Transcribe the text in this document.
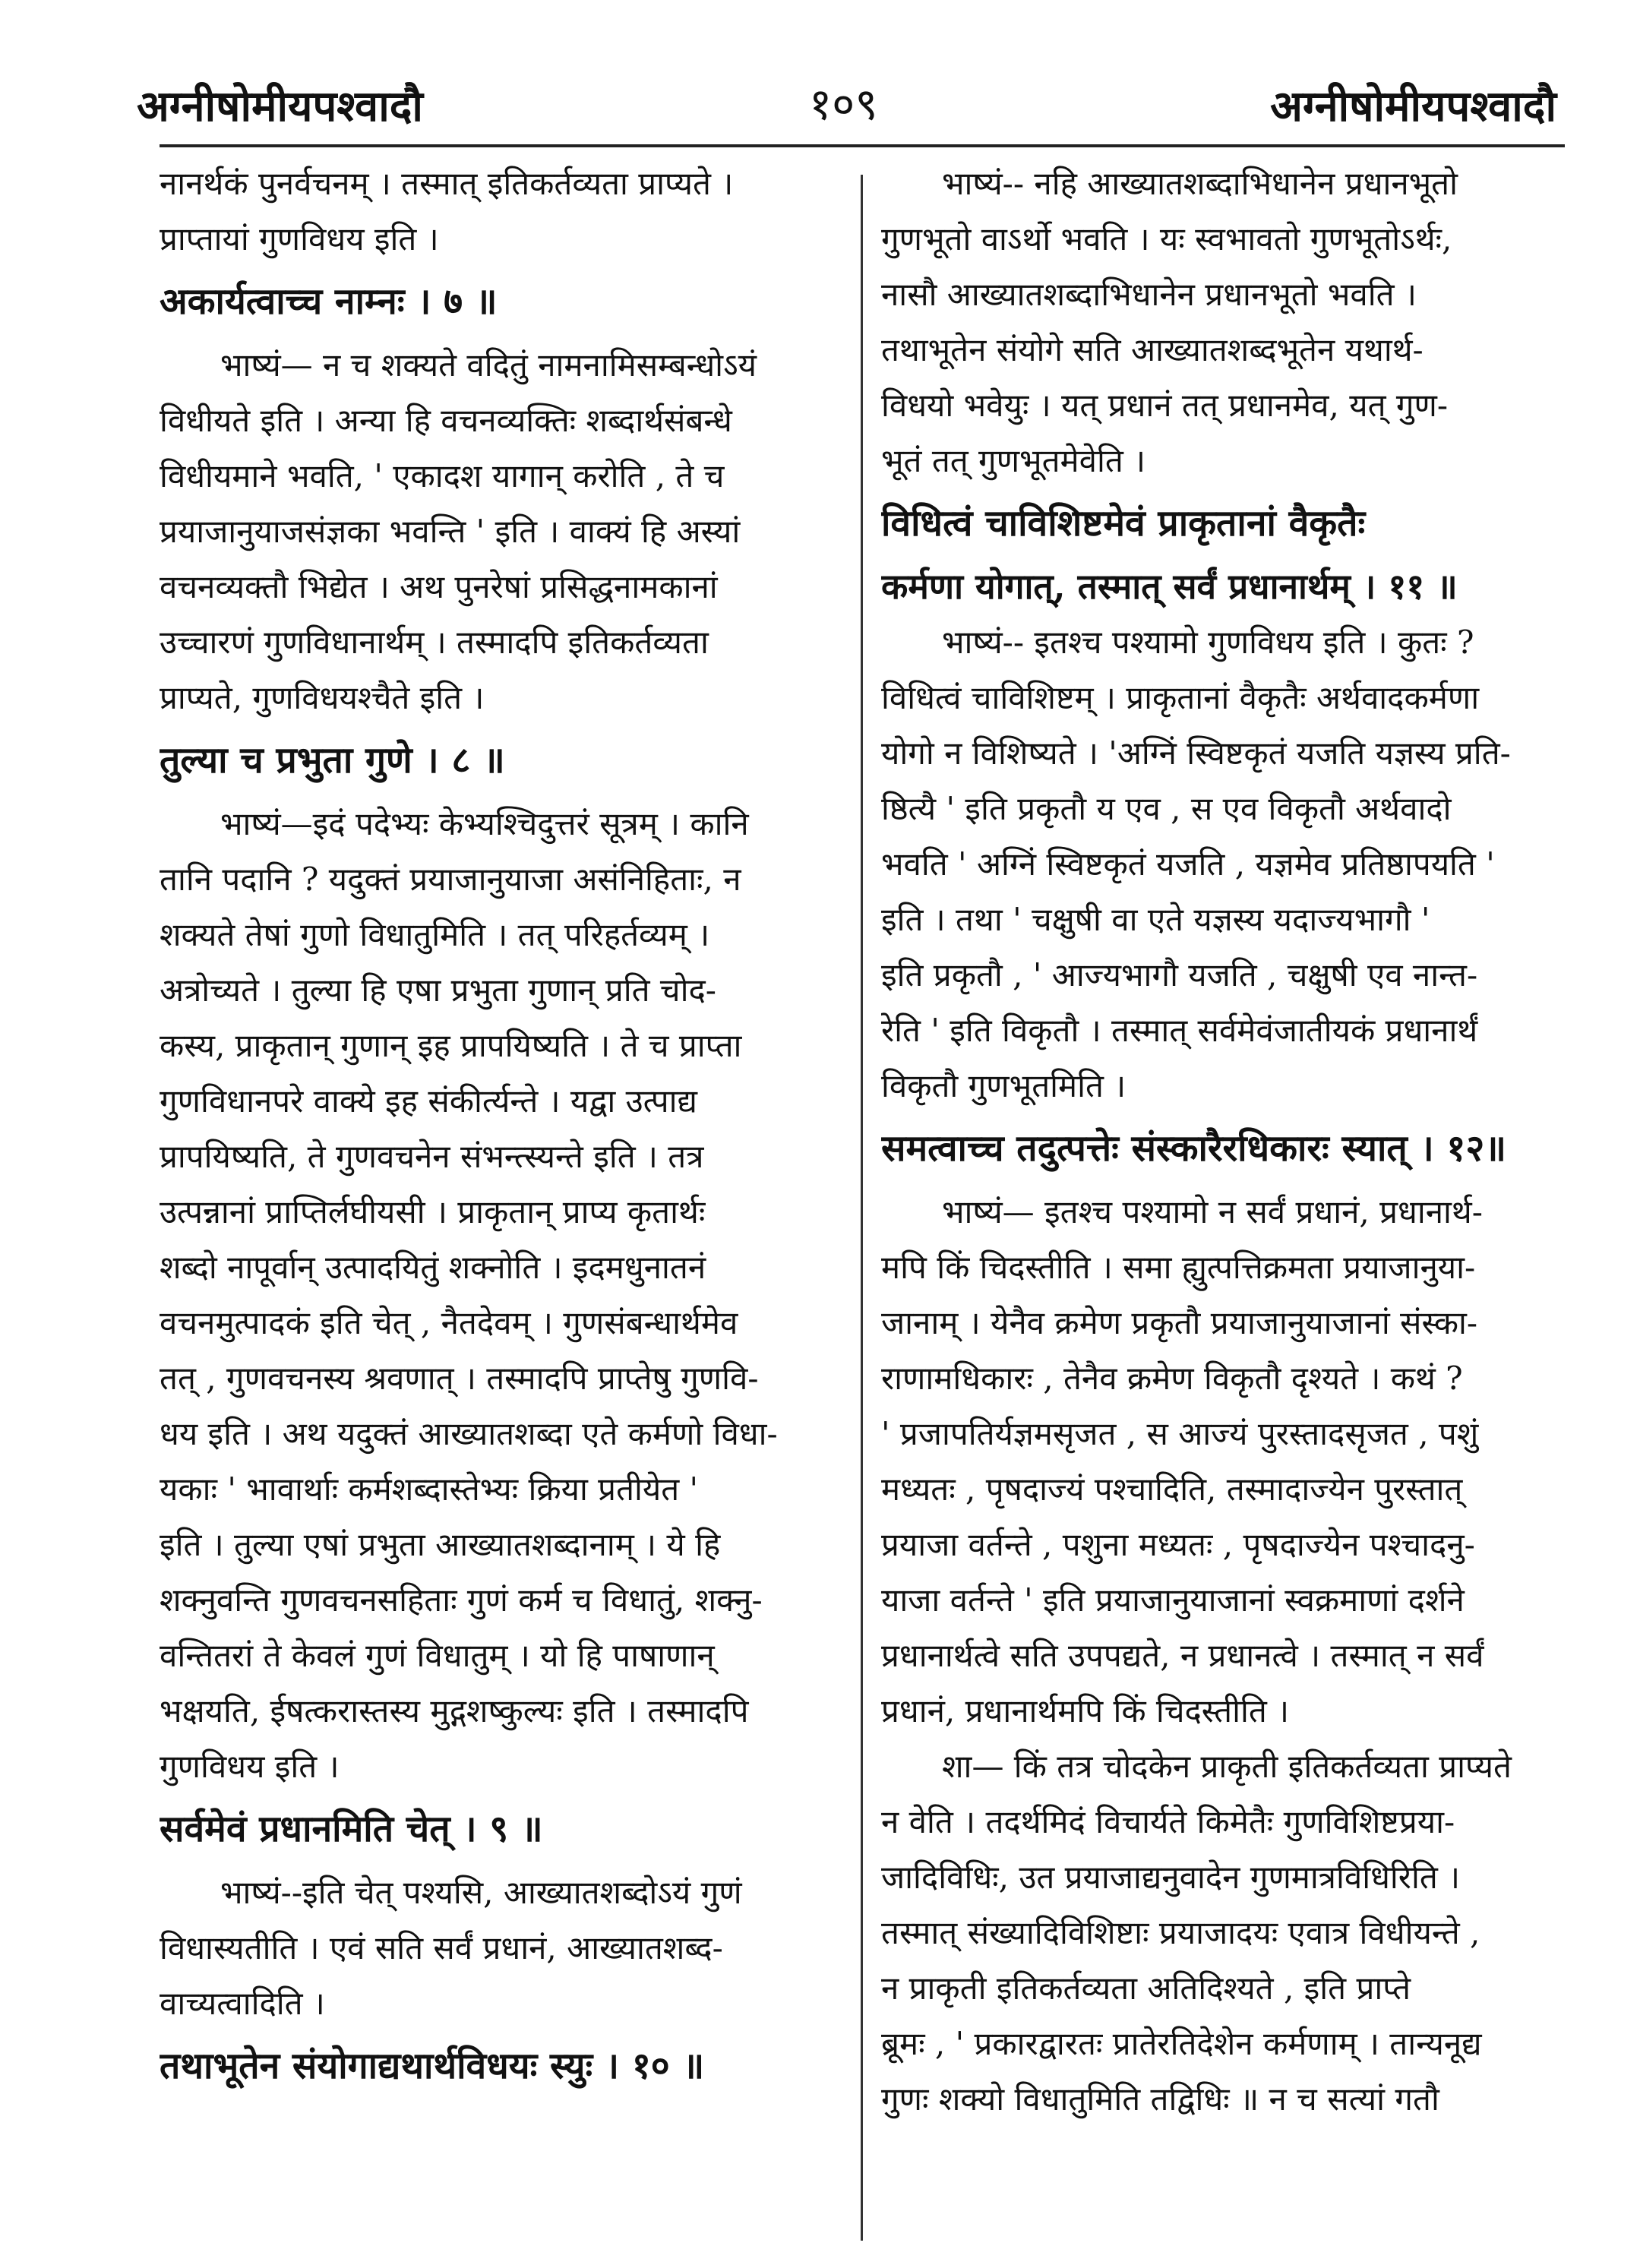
अग्नीषोमीयपश्वादौ	१०९	अग्नीषोमीयपश्वादौ
नानर्थकं पुनर्वचनम् । तस्मात् इतिकर्तव्यता प्राप्यते ।
प्राप्तायां गुणविधय इति ।
अकार्यत्वाच्च नाम्नः । ७ ॥
भाष्यं— न च शक्यते वदितुं नामनामिसम्बन्धोऽयं
विधीयते इति । अन्या हि वचनव्यक्तिः शब्दार्थसंबन्धे
विधीयमाने भवति, ' एकादश यागान् करोति , ते च
प्रयाजानुयाजसंज्ञका भवन्ति ' इति । वाक्यं हि अस्यां
वचनव्यक्तौ भिद्येत । अथ पुनरेषां प्रसिद्धनामकानां
उच्चारणं गुणविधानार्थम् । तस्मादपि इतिकर्तव्यता
प्राप्यते, गुणविधयश्चैते इति ।
तुल्या च प्रभुता गुणे । ८ ॥
भाष्यं—इदं पदेभ्यः केभ्यश्चिदुत्तरं सूत्रम् । कानि
तानि पदानि ? यदुक्तं प्रयाजानुयाजा असंनिहिताः, न
शक्यते तेषां गुणो विधातुमिति । तत् परिहर्तव्यम् ।
अत्रोच्यते । तुल्या हि एषा प्रभुता गुणान् प्रति चोद-
कस्य, प्राकृतान् गुणान् इह प्रापयिष्यति । ते च प्राप्ता
गुणविधानपरे वाक्ये इह संकीर्त्यन्ते । यद्वा उत्पाद्य
प्रापयिष्यति, ते गुणवचनेन संभन्त्स्यन्ते इति । तत्र
उत्पन्नानां प्राप्तिर्लघीयसी । प्राकृतान् प्राप्य कृतार्थः
शब्दो नापूर्वान् उत्पादयितुं शक्नोति । इदमधुनातनं
वचनमुत्पादकं इति चेत् , नैतदेवम् । गुणसंबन्धार्थमेव
तत् , गुणवचनस्य श्रवणात् । तस्मादपि प्राप्तेषु गुणवि-
धय इति । अथ यदुक्तं आख्यातशब्दा एते कर्मणो विधा-
यकाः ' भावार्थाः कर्मशब्दास्तेभ्यः क्रिया प्रतीयेत '
इति । तुल्या एषां प्रभुता आख्यातशब्दानाम् । ये हि
शक्नुवन्ति गुणवचनसहिताः गुणं कर्म च विधातुं, शक्नु-
वन्तितरां ते केवलं गुणं विधातुम् । यो हि पाषाणान्
भक्षयति, ईषत्करास्तस्य मुद्गशष्कुल्यः इति । तस्मादपि
गुणविधय इति ।
सर्वमेवं प्रधानमिति चेत् । ९ ॥
भाष्यं--इति चेत् पश्यसि, आख्यातशब्दोऽयं गुणं
विधास्यतीति । एवं सति सर्वं प्रधानं, आख्यातशब्द-
वाच्यत्वादिति ।
तथाभूतेन संयोगाद्यथार्थविधयः स्युः । १० ॥
भाष्यं-- नहि आख्यातशब्दाभिधानेन प्रधानभूतो
गुणभूतो वाऽर्थो भवति । यः स्वभावतो गुणभूतोऽर्थः,
नासौ आख्यातशब्दाभिधानेन प्रधानभूतो भवति ।
तथाभूतेन संयोगे सति आख्यातशब्दभूतेन यथार्थ-
विधयो भवेयुः । यत् प्रधानं तत् प्रधानमेव, यत् गुण-
भूतं तत् गुणभूतमेवेति ।
विधित्वं चाविशिष्टमेवं प्राकृतानां वैकृतैः
कर्मणा योगात्, तस्मात् सर्वं प्रधानार्थम् । ११ ॥
भाष्यं-- इतश्च पश्यामो गुणविधय इति । कुतः ?
विधित्वं चाविशिष्टम् । प्राकृतानां वैकृतैः अर्थवादकर्मणा
योगो न विशिष्यते । 'अग्निं स्विष्टकृतं यजति यज्ञस्य प्रति-
ष्ठित्यै ' इति प्रकृतौ य एव , स एव विकृतौ अर्थवादो
भवति ' अग्निं स्विष्टकृतं यजति , यज्ञमेव प्रतिष्ठापयति '
इति । तथा ' चक्षुषी वा एते यज्ञस्य यदाज्यभागौ '
इति प्रकृतौ , ' आज्यभागौ यजति , चक्षुषी एव नान्त-
रेति ' इति विकृतौ । तस्मात् सर्वमेवंजातीयकं प्रधानार्थं
विकृतौ गुणभूतमिति ।
समत्वाच्च तदुत्पत्तेः संस्कारैरधिकारः स्यात् । १२॥
भाष्यं— इतश्च पश्यामो न सर्वं प्रधानं, प्रधानार्थ-
मपि किं चिदस्तीति । समा ह्युत्पत्तिक्रमता प्रयाजानुया-
जानाम् । येनैव क्रमेण प्रकृतौ प्रयाजानुयाजानां संस्का-
राणामधिकारः , तेनैव क्रमेण विकृतौ दृश्यते । कथं ?
' प्रजापतिर्यज्ञमसृजत , स आज्यं पुरस्तादसृजत , पशुं
मध्यतः , पृषदाज्यं पश्चादिति, तस्मादाज्येन पुरस्तात्
प्रयाजा वर्तन्ते , पशुना मध्यतः , पृषदाज्येन पश्चादनु-
याजा वर्तन्ते ' इति प्रयाजानुयाजानां स्वक्रमाणां दर्शने
प्रधानार्थत्वे सति उपपद्यते, न प्रधानत्वे । तस्मात् न सर्वं
प्रधानं, प्रधानार्थमपि किं चिदस्तीति ।
शा— किं तत्र चोदकेन प्राकृती इतिकर्तव्यता प्राप्यते
न वेति । तदर्थमिदं विचार्यते किमेतैः गुणविशिष्टप्रया-
जादिविधिः, उत प्रयाजाद्यनुवादेन गुणमात्रविधिरिति ।
तस्मात् संख्यादिविशिष्टाः प्रयाजादयः एवात्र विधीयन्ते ,
न प्राकृती इतिकर्तव्यता अतिदिश्यते , इति प्राप्ते
ब्रूमः , ' प्रकारद्वारतः प्रातेरतिदेशेन कर्मणाम् । तान्यनूद्य
गुणः शक्यो विधातुमिति तद्विधिः ॥ न च सत्यां गतौ
